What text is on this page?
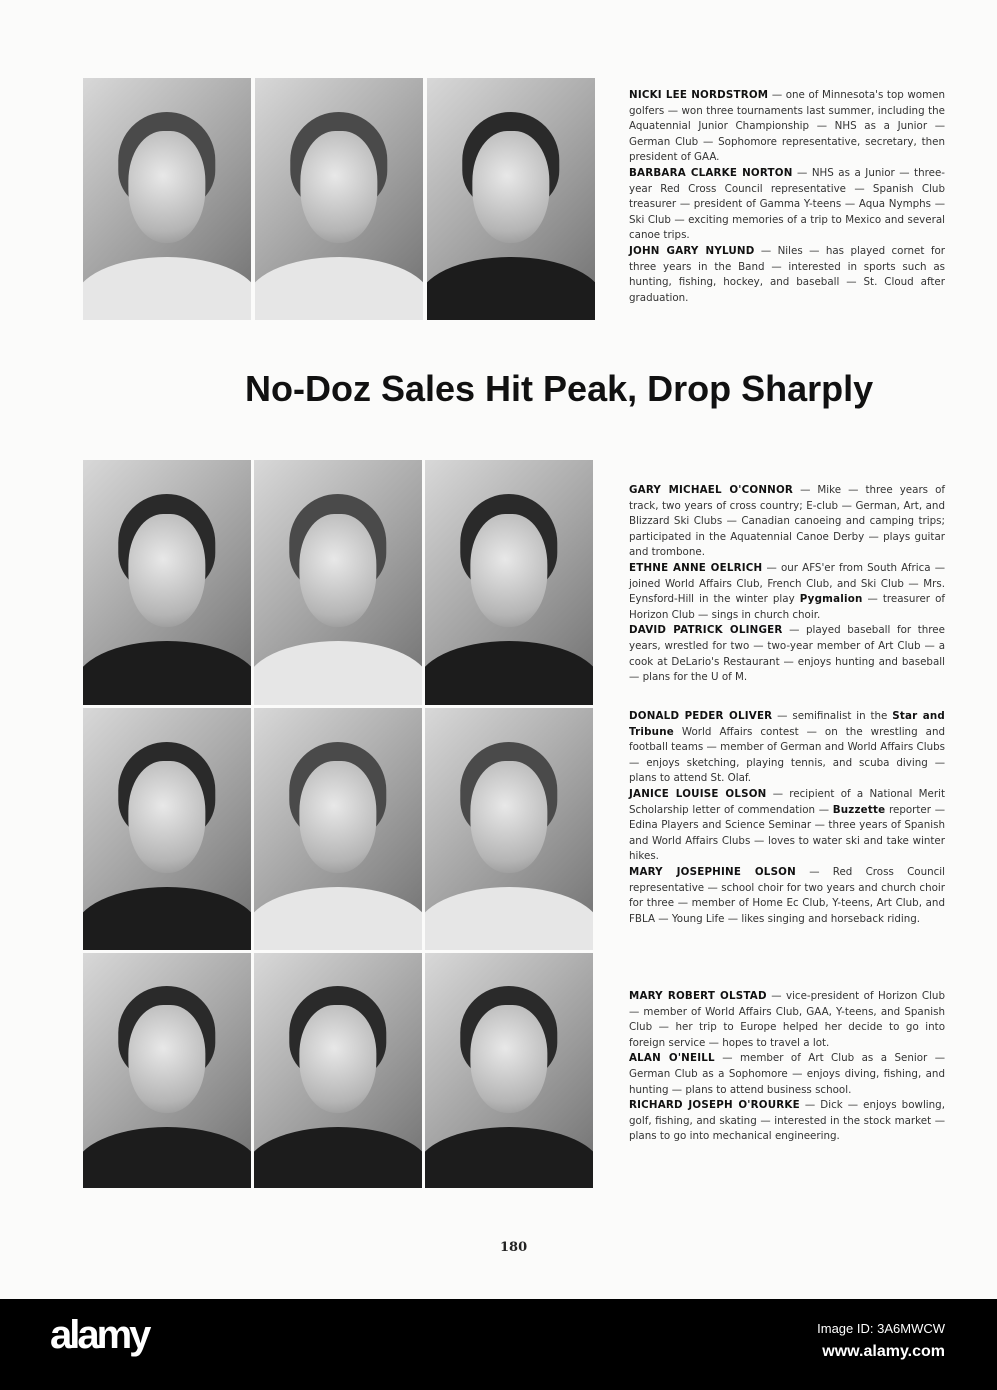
No-Doz Sales Hit Peak, Drop Sharply

NICKI LEE NORDSTROM — one of Minnesota's top women golfers — won three tournaments last summer, including the Aquatennial Junior Championship — NHS as a Junior — German Club — Sophomore representative, secretary, then president of GAA.

BARBARA CLARKE NORTON — NHS as a Junior — three-year Red Cross Council representative — Spanish Club treasurer — president of Gamma Y-teens — Aqua Nymphs — Ski Club — exciting memories of a trip to Mexico and several canoe trips.

JOHN GARY NYLUND — Niles — has played cornet for three years in the Band — interested in sports such as hunting, fishing, hockey, and baseball — St. Cloud after graduation.

GARY MICHAEL O'CONNOR — Mike — three years of track, two years of cross country; E-club — German, Art, and Blizzard Ski Clubs — Canadian canoeing and camping trips; participated in the Aquatennial Canoe Derby — plays guitar and trombone.

ETHNE ANNE OELRICH — our AFS'er from South Africa — joined World Affairs Club, French Club, and Ski Club — Mrs. Eynsford-Hill in the winter play Pygmalion — treasurer of Horizon Club — sings in church choir.

DAVID PATRICK OLINGER — played baseball for three years, wrestled for two — two-year member of Art Club — a cook at DeLario's Restaurant — enjoys hunting and baseball — plans for the U of M.

DONALD PEDER OLIVER — semifinalist in the Star and Tribune World Affairs contest — on the wrestling and football teams — member of German and World Affairs Clubs — enjoys sketching, playing tennis, and scuba diving — plans to attend St. Olaf.

JANICE LOUISE OLSON — recipient of a National Merit Scholarship letter of commendation — Buzzette reporter — Edina Players and Science Seminar — three years of Spanish and World Affairs Clubs — loves to water ski and take winter hikes.

MARY JOSEPHINE OLSON — Red Cross Council representative — school choir for two years and church choir for three — member of Home Ec Club, Y-teens, Art Club, and FBLA — Young Life — likes singing and horseback riding.

MARY ROBERT OLSTAD — vice-president of Horizon Club — member of World Affairs Club, GAA, Y-teens, and Spanish Club — her trip to Europe helped her decide to go into foreign service — hopes to travel a lot.

ALAN O'NEILL — member of Art Club as a Senior — German Club as a Sophomore — enjoys diving, fishing, and hunting — plans to attend business school.

RICHARD JOSEPH O'ROURKE — Dick — enjoys bowling, golf, fishing, and skating — interested in the stock market — plans to go into mechanical engineering.

180
alamy	Image ID: 3A6MWCW
www.alamy.com
